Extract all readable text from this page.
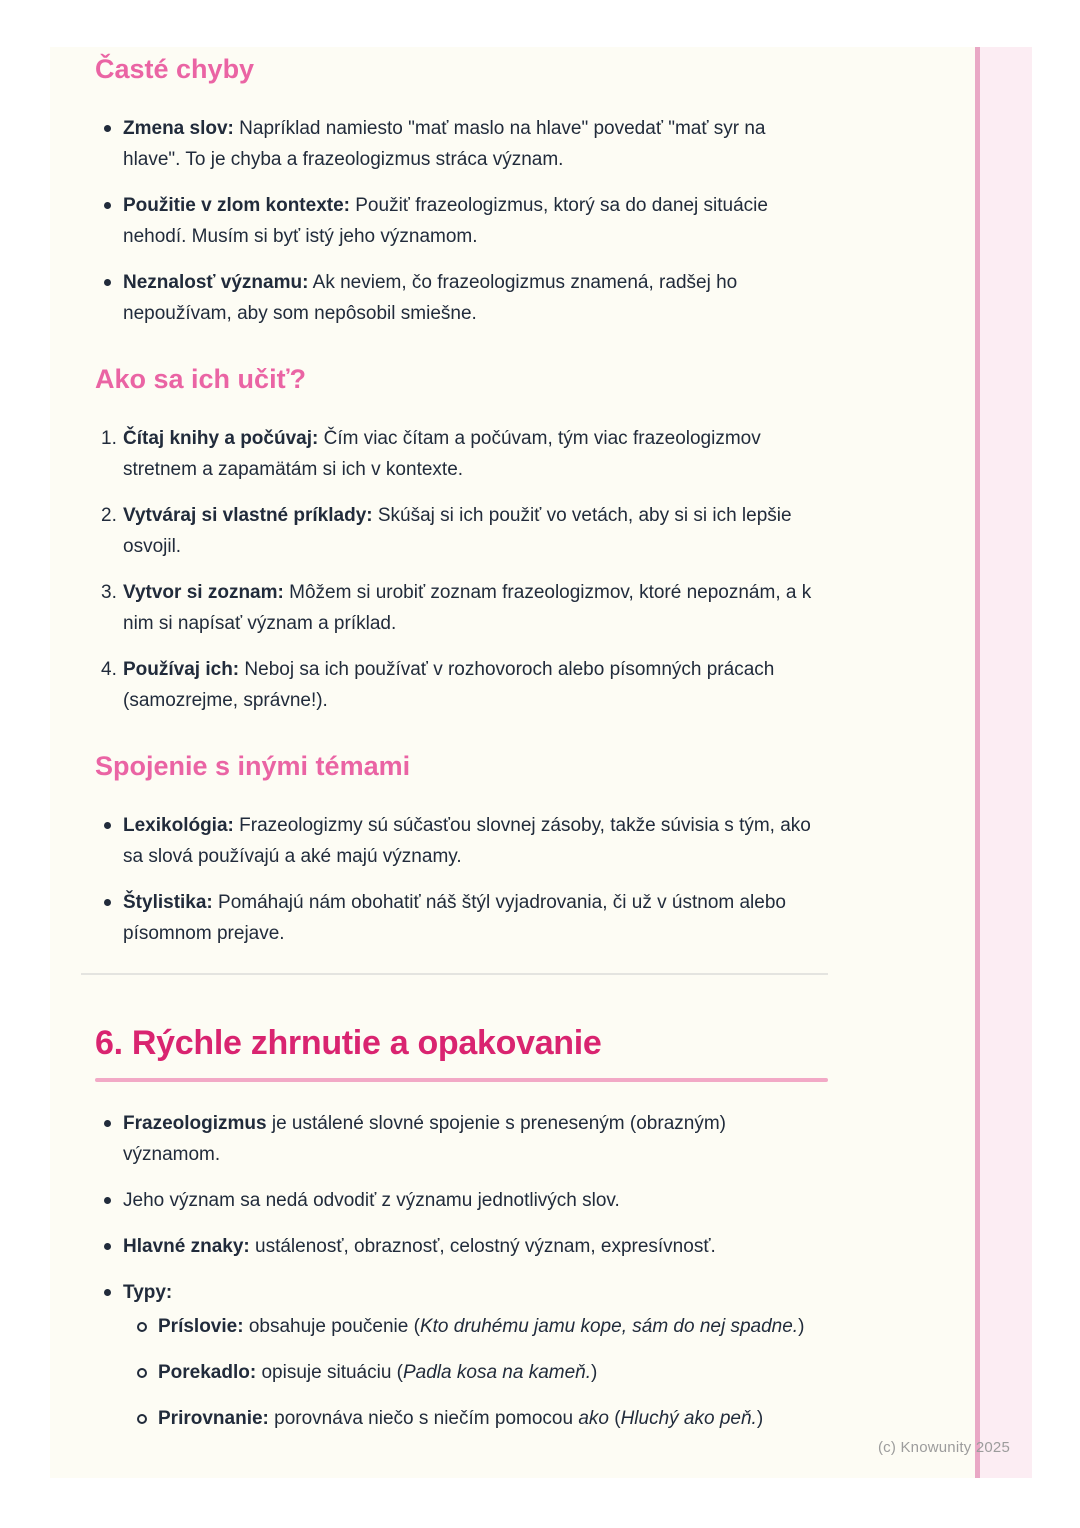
Časté chyby
Zmena slov: Napríklad namiesto "mať maslo na hlave" povedať "mať syr na hlave". To je chyba a frazeologizmus stráca význam.
Použitie v zlom kontexte: Použiť frazeologizmus, ktorý sa do danej situácie nehodí. Musím si byť istý jeho významom.
Neznalosť významu: Ak neviem, čo frazeologizmus znamená, radšej ho nepoužívam, aby som nepôsobil smiešne.
Ako sa ich učiť?
1. Čítaj knihy a počúvaj: Čím viac čítam a počúvam, tým viac frazeologizmov stretnem a zapamätám si ich v kontexte.
2. Vytváraj si vlastné príklady: Skúšaj si ich použiť vo vetách, aby si si ich lepšie osvojil.
3. Vytvor si zoznam: Môžem si urobiť zoznam frazeologizmov, ktoré nepoznám, a k nim si napísať význam a príklad.
4. Používaj ich: Neboj sa ich používať v rozhovoroch alebo písomných prácach (samozrejme, správne!).
Spojenie s inými témami
Lexikológia: Frazeologizmy sú súčasťou slovnej zásoby, takže súvisia s tým, ako sa slová používajú a aké majú významy.
Štylistika: Pomáhajú nám obohatiť náš štýl vyjadrovania, či už v ústnom alebo písomnom prejave.
6. Rýchle zhrnutie a opakovanie
Frazeologizmus je ustálené slovné spojenie s preneseným (obrazným) významom.
Jeho význam sa nedá odvodiť z významu jednotlivých slov.
Hlavné znaky: ustálenosť, obraznosť, celostný význam, expresívnosť.
Typy:
Príslovie: obsahuje poučenie (Kto druhému jamu kope, sám do nej spadne.)
Porekadlo: opisuje situáciu (Padla kosa na kameň.)
Prirovnanie: porovnáva niečo s niečím pomocou ako (Hluchý ako peň.)
(c) Knowunity 2025
